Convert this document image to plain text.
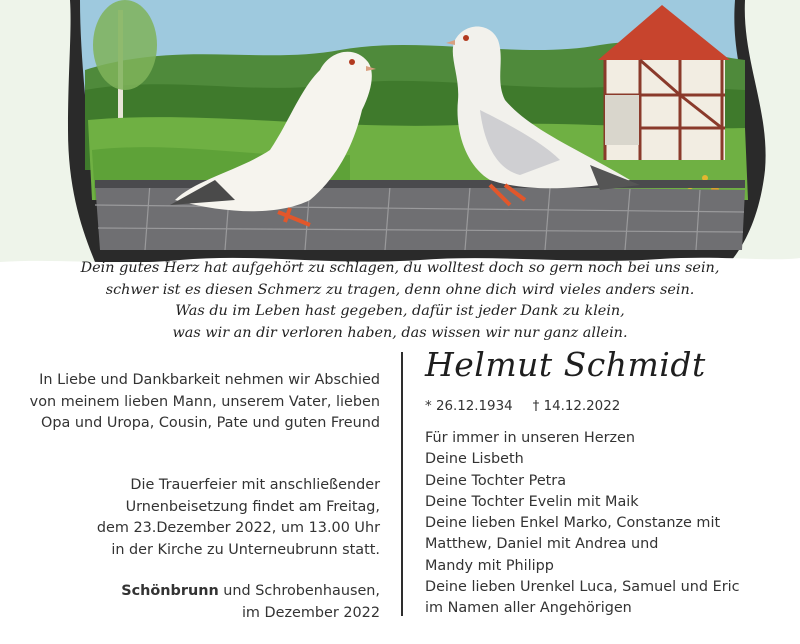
Dein gutes Herz hat aufgehört zu schlagen, du wolltest doch so gern noch bei uns sein,
schwer ist es diesen Schmerz zu tragen, denn ohne dich wird vieles anders sein.
Was du im Leben hast gegeben, dafür ist jeder Dank zu klein,
was wir an dir verloren haben, das wissen wir nur ganz allein.
In Liebe und Dankbarkeit nehmen wir Abschied
von meinem lieben Mann, unserem Vater, lieben
Opa und Uropa, Cousin, Pate und guten Freund
Die Trauerfeier mit anschließender
Urnenbeisetzung findet am Freitag,
dem 23.Dezember 2022, um 13.00 Uhr
in der Kirche zu Unterneubrunn statt.
Schönbrunn und Schrobenhausen,
im Dezember 2022
Helmut Schmidt
* 26.12.1934 † 14.12.2022
Für immer in unseren Herzen
Deine Lisbeth
Deine Tochter Petra
Deine Tochter Evelin mit Maik
Deine lieben Enkel Marko, Constanze mit
Matthew, Daniel mit Andrea und
Mandy mit Philipp
Deine lieben Urenkel Luca, Samuel und Eric
im Namen aller Angehörigen
